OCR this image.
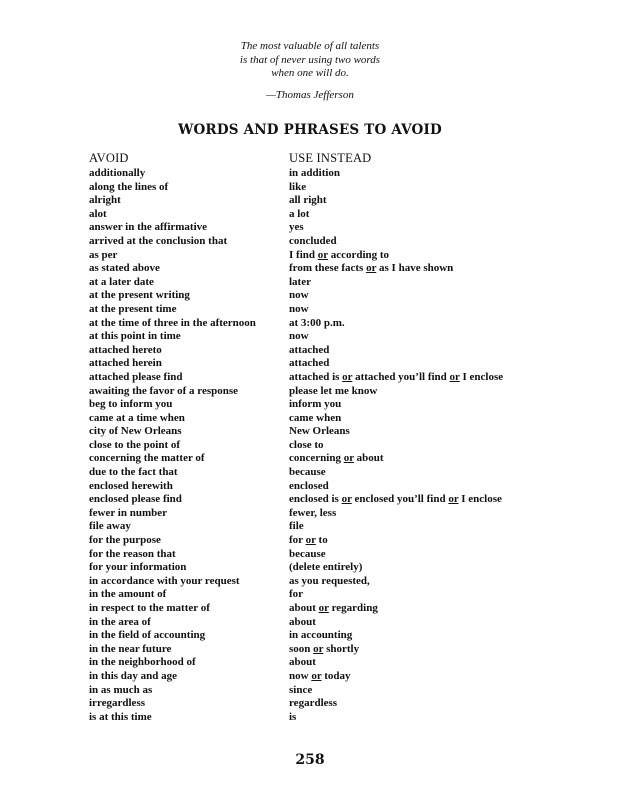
The most valuable of all talents
is that of never using two words
when one will do.
—Thomas Jefferson
WORDS AND PHRASES TO AVOID
AVOID	USE INSTEAD
additionally	in addition
along the lines of	like
alright	all right
alot	a lot
answer in the affirmative	yes
arrived at the conclusion that	concluded
as per	I find or according to
as stated above	from these facts or as I have shown
at a later date	later
at the present writing	now
at the present time	now
at the time of three in the afternoon	at 3:00 p.m.
at this point in time	now
attached hereto	attached
attached herein	attached
attached please find	attached is or attached you’ll find or I enclose
awaiting the favor of a response	please let me know
beg to inform you	inform you
came at a time when	came when
city of New Orleans	New Orleans
close to the point of	close to
concerning the matter of	concerning or about
due to the fact that	because
enclosed herewith	enclosed
enclosed please find	enclosed is or enclosed you’ll find or I enclose
fewer in number	fewer, less
file away	file
for the purpose	for or to
for the reason that	because
for your information	(delete entirely)
in accordance with your request	as you requested,
in the amount of	for
in respect to the matter of	about or regarding
in the area of	about
in the field of accounting	in accounting
in the near future	soon or shortly
in the neighborhood of	about
in this day and age	now or today
in as much as	since
irregardless	regardless
is at this time	is
258
